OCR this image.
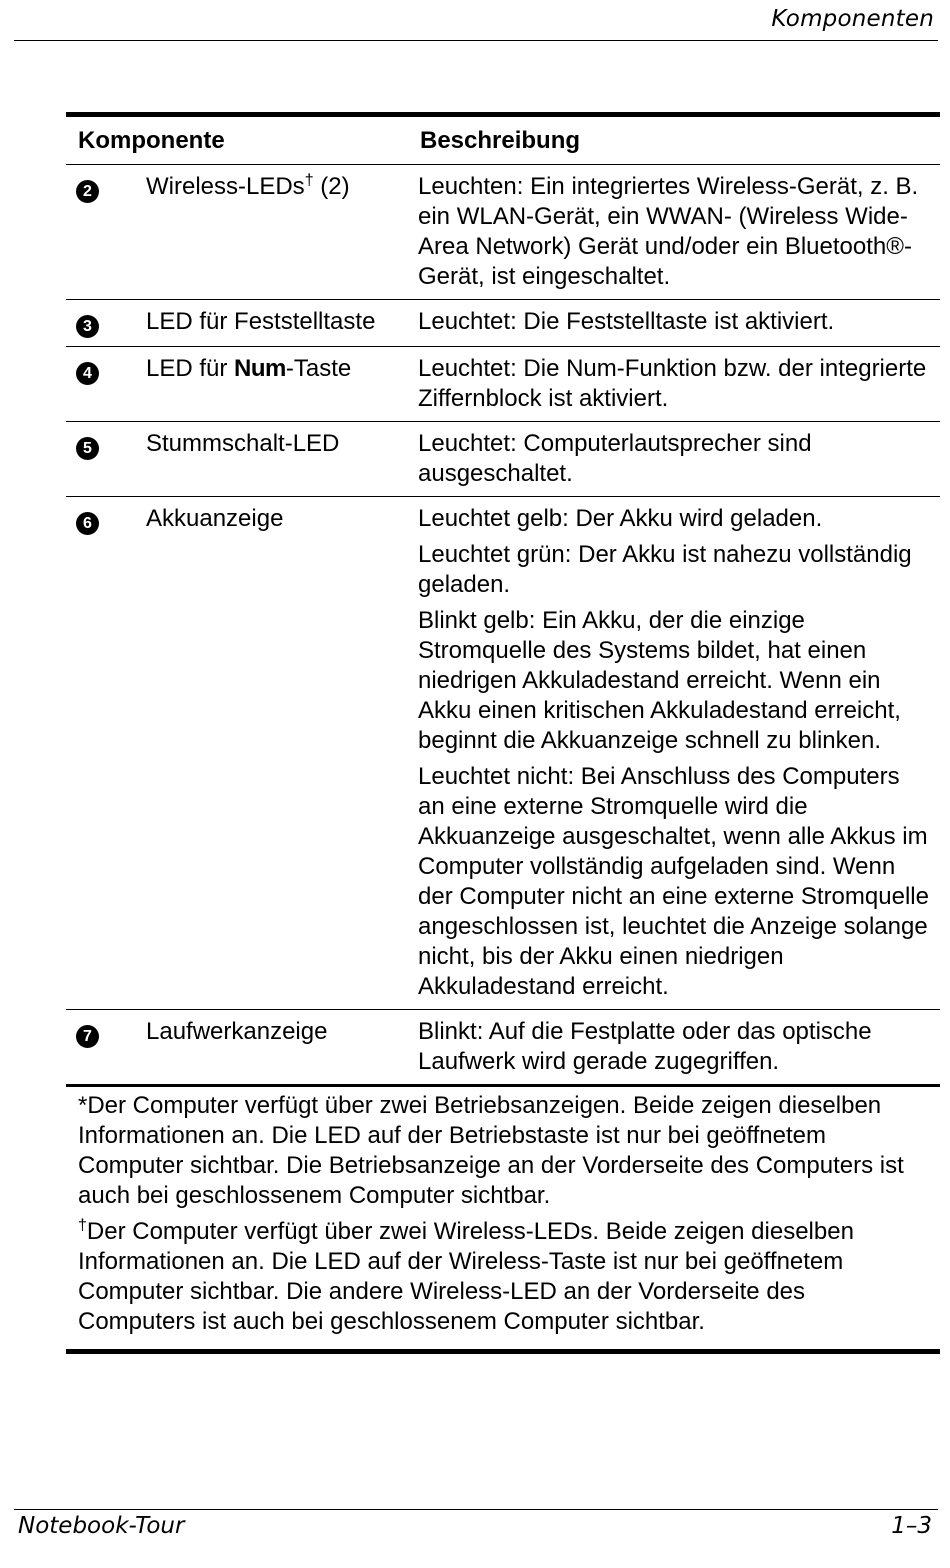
Komponenten
Komponente	Beschreibung
2	Wireless-LEDs† (2)	Leuchten: Ein integriertes Wireless-Gerät, z. B. ein WLAN-Gerät, ein WWAN- (Wireless Wide-Area Network) Gerät und/oder ein Bluetooth®-Gerät, ist eingeschaltet.

3	LED für Feststelltaste	Leuchtet: Die Feststelltaste ist aktiviert.

4	LED für Num-Taste	Leuchtet: Die Num-Funktion bzw. der integrierte Ziffernblock ist aktiviert.

5	Stummschalt-LED	Leuchtet: Computerlautsprecher sind ausgeschaltet.

6	Akkuanzeige	Leuchtet gelb: Der Akku wird geladen.

Leuchtet grün: Der Akku ist nahezu vollständig geladen.

Blinkt gelb: Ein Akku, der die einzige Stromquelle des Systems bildet, hat einen niedrigen Akkuladestand erreicht. Wenn ein Akku einen kritischen Akkuladestand erreicht, beginnt die Akkuanzeige schnell zu blinken.

Leuchtet nicht: Bei Anschluss des Computers an eine externe Stromquelle wird die Akkuanzeige ausgeschaltet, wenn alle Akkus im Computer vollständig aufgeladen sind. Wenn der Computer nicht an eine externe Stromquelle angeschlossen ist, leuchtet die Anzeige solange nicht, bis der Akku einen niedrigen Akkuladestand erreicht.

7	Laufwerkanzeige	Blinkt: Auf die Festplatte oder das optische Laufwerk wird gerade zugegriffen.

*Der Computer verfügt über zwei Betriebsanzeigen. Beide zeigen dieselben Informationen an. Die LED auf der Betriebstaste ist nur bei geöffnetem Computer sichtbar. Die Betriebsanzeige an der Vorderseite des Computers ist auch bei geschlossenem Computer sichtbar.

†Der Computer verfügt über zwei Wireless-LEDs. Beide zeigen dieselben Informationen an. Die LED auf der Wireless-Taste ist nur bei geöffnetem Computer sichtbar. Die andere Wireless-LED an der Vorderseite des Computers ist auch bei geschlossenem Computer sichtbar.

Notebook-Tour	1–3
